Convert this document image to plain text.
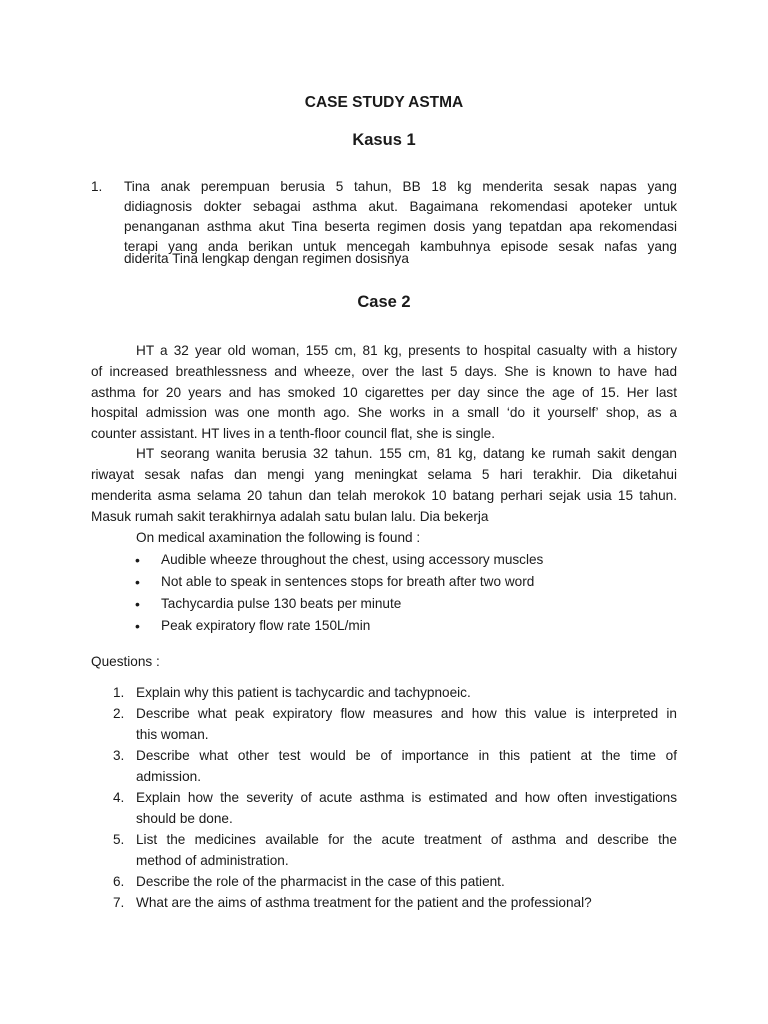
CASE STUDY ASTMA
Kasus 1
1. Tina anak perempuan berusia 5 tahun, BB 18 kg menderita sesak napas yang
didiagnosis dokter sebagai asthma akut. Bagaimana rekomendasi apoteker untuk
penanganan asthma akut Tina beserta regimen dosis yang tepatdan apa rekomendasi
terapi yang anda berikan untuk mencegah kambuhnya episode sesak nafas yang
diderita Tina lengkap dengan regimen dosisnya
Case 2
HT a 32 year old woman, 155 cm, 81 kg, presents to hospital casualty with a history
of increased breathlessness and wheeze, over the last 5 days. She is known to have had
asthma for 20 years and has smoked 10 cigarettes per day since the age of 15. Her last
hospital admission was one month ago. She works in a small ‘do it yourself’ shop, as a
counter assistant. HT lives in a tenth-floor council flat, she is single.
HT seorang wanita berusia 32 tahun. 155 cm, 81 kg, datang ke rumah sakit dengan
riwayat sesak nafas dan mengi yang meningkat selama 5 hari terakhir. Dia diketahui
menderita asma selama 20 tahun dan telah merokok 10 batang perhari sejak usia 15 tahun.
Masuk rumah sakit terakhirnya adalah satu bulan lalu. Dia bekerja
On medical axamination the following is found :
• Audible wheeze throughout the chest, using accessory muscles
• Not able to speak in sentences stops for breath after two word
• Tachycardia pulse 130 beats per minute
• Peak expiratory flow rate 150L/min
Questions :
1. Explain why this patient is tachycardic and tachypnoeic.
2. Describe what peak expiratory flow measures and how this value is interpreted in
this woman.
3. Describe what other test would be of importance in this patient at the time of
admission.
4. Explain how the severity of acute asthma is estimated and how often investigations
should be done.
5. List the medicines available for the acute treatment of asthma and describe the
method of administration.
6. Describe the role of the pharmacist in the case of this patient.
7. What are the aims of asthma treatment for the patient and the professional?
